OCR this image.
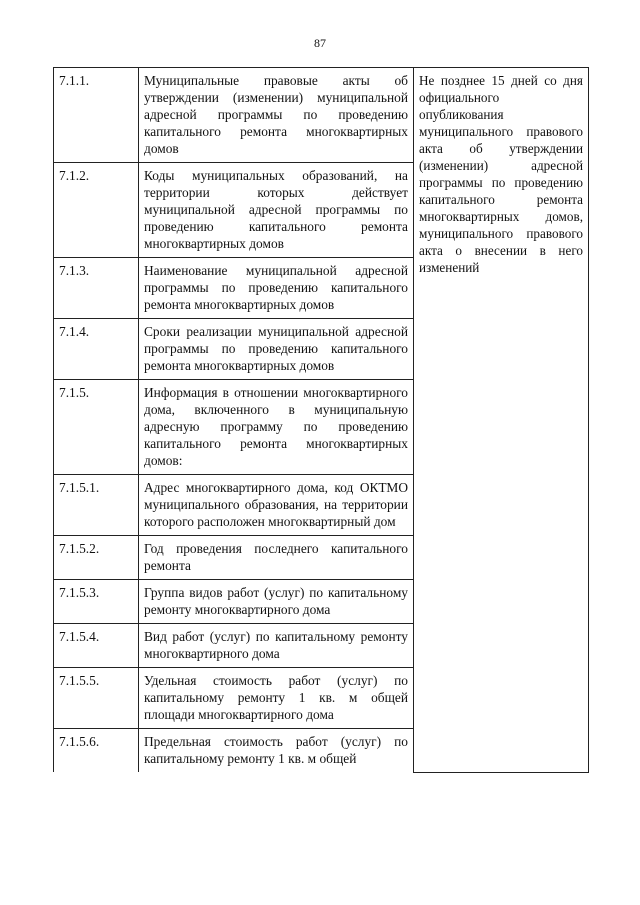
87
7.1.1.	Муниципальные правовые акты об утверждении (изменении) муниципальной адресной программы по проведению капитального ремонта многоквартирных домов	Не позднее 15 дней со дня официального опубликования муниципального правового акта об утверждении (изменении) адресной программы по проведению капитального ремонта многоквартирных домов, муниципального правового акта о внесении в него изменений
7.1.2.	Коды муниципальных образований, на территории которых действует муниципальной адресной программы по проведению капитального ремонта многоквартирных домов	
7.1.3.	Наименование муниципальной адресной программы по проведению капитального ремонта многоквартирных домов	
7.1.4.	Сроки реализации муниципальной адресной программы по проведению капитального ремонта многоквартирных домов	
7.1.5.	Информация в отношении многоквартирного дома, включенного в муниципальную адресную программу по проведению капитального ремонта многоквартирных домов:	
7.1.5.1.	Адрес многоквартирного дома, код ОКТМО муниципального образования, на территории которого расположен многоквартирный дом	
7.1.5.2.	Год проведения последнего капитального ремонта	
7.1.5.3.	Группа видов работ (услуг) по капитальному ремонту многоквартирного дома	
7.1.5.4.	Вид работ (услуг) по капитальному ремонту многоквартирного дома	
7.1.5.5.	Удельная стоимость работ (услуг) по капитальному ремонту 1 кв. м общей площади многоквартирного дома	
7.1.5.6.	Предельная стоимость работ (услуг) по капитальному ремонту 1 кв. м общей	
